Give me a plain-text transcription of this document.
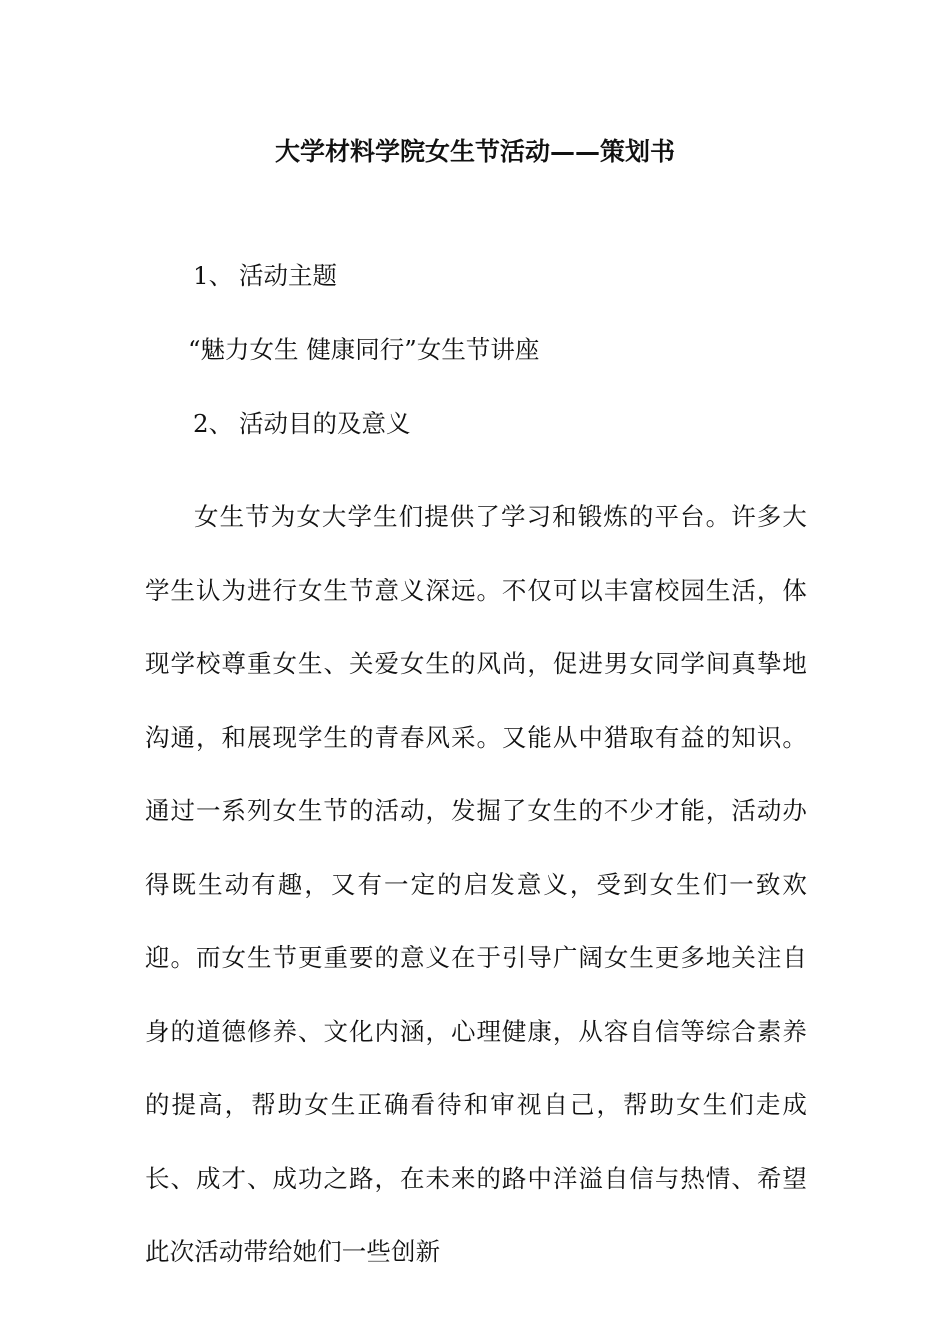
大学材料学院女生节活动——策划书
1、 活动主题
“魅力女生 健康同行”女生节讲座
2、 活动目的及意义
女生节为女大学生们提供了学习和锻炼的平台。许多大学生认为进行女生节意义深远。不仅可以丰富校园生活，体现学校尊重女生、关爱女生的风尚，促进男女同学间真挚地沟通，和展现学生的青春风采。又能从中猎取有益的知识。通过一系列女生节的活动，发掘了女生的不少才能，活动办得既生动有趣，又有一定的启发意义，受到女生们一致欢迎。而女生节更重要的意义在于引导广阔女生更多地关注自身的道德修养、文化内涵，心理健康，从容自信等综合素养的提高，帮助女生正确看待和审视自己，帮助女生们走成长、成才、成功之路，在未来的路中洋溢自信与热情、希望此次活动带给她们一些创新
